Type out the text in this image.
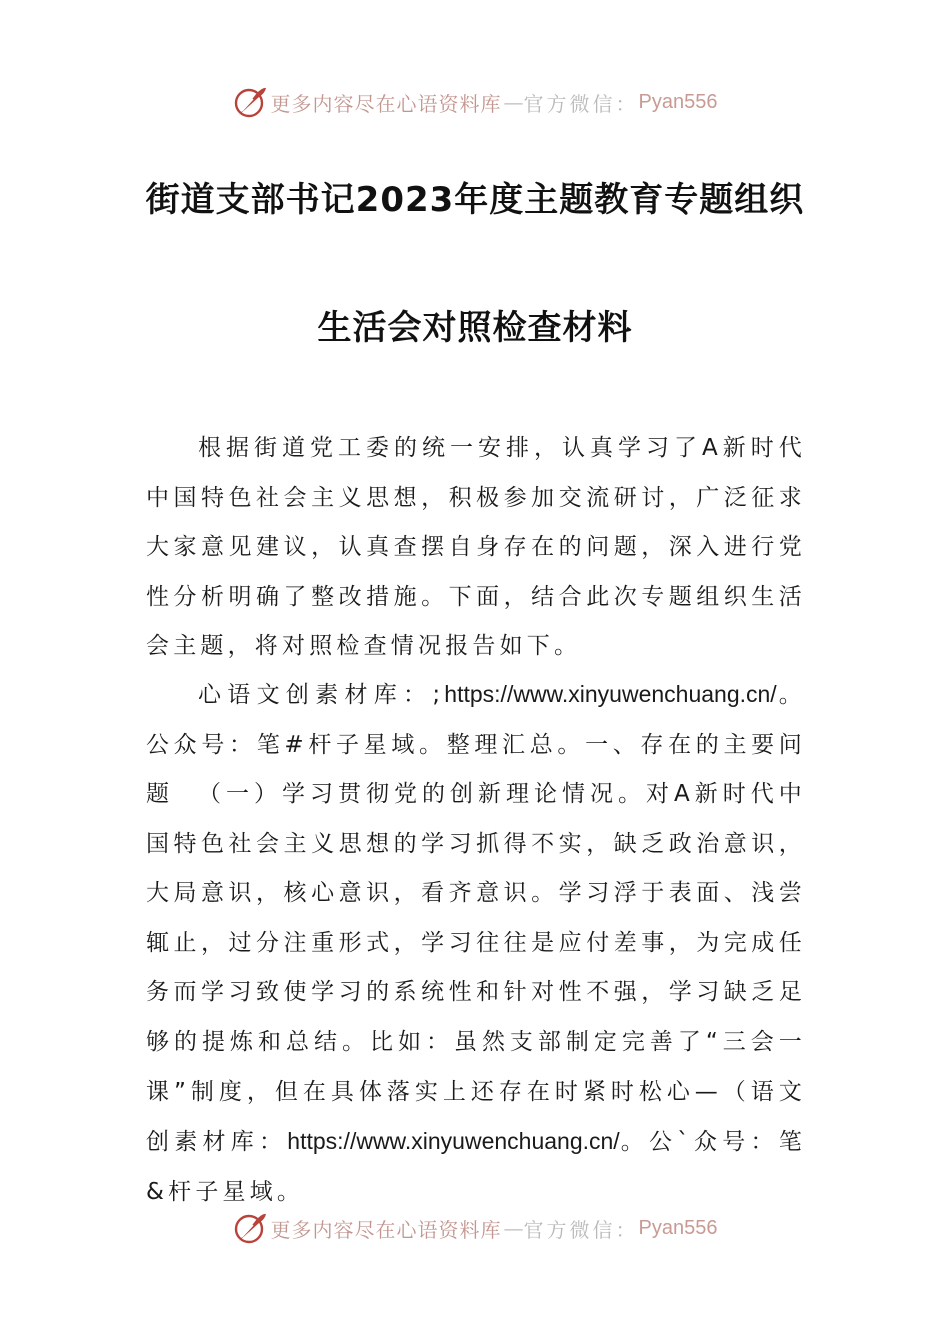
更多内容尽在心语资料库 — 官方微信： Pyan556
街道支部书记2023年度主题教育专题组织
生活会对照检查材料

根据街道党工委的统一安排，认真学习了A新时代中国特色社会主义思想，积极参加交流研讨，广泛征求大家意见建议，认真查摆自身存在的问题，深入进行党性分析明确了整改措施。下面，结合此次专题组织生活会主题，将对照检查情况报告如下。

心语文创素材库：;https://www.xinyuwenchuang.cn/。公众号：笔#杆子星域。整理汇总。一、存在的主要问题	（一）学习贯彻党的创新理论情况。对A新时代中国特色社会主义思想的学习抓得不实，缺乏政治意识，大局意识，核心意识，看齐意识。学习浮于表面、浅尝辄止，过分注重形式，学习往往是应付差事，为完成任务而学习致使学习的系统性和针对性不强，学习缺乏足够的提炼和总结。比如：虽然支部制定完善了“三会一课”制度，但在具体落实上还存在时紧时松心—（语文创素材库：https://www.xinyuwenchuang.cn/。公`众号：笔&杆子星域。

更多内容尽在心语资料库 — 官方微信： Pyan556
